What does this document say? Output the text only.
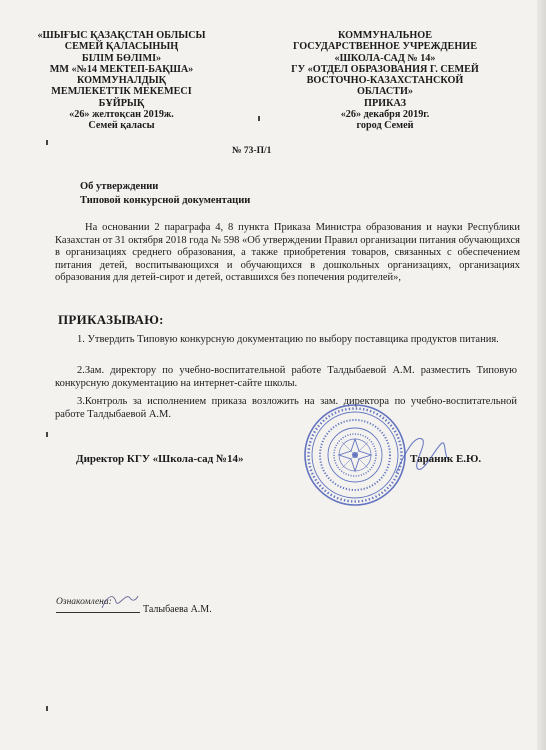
«ШЫҒЫС ҚАЗАҚСТАН ОБЛЫСЫ
СЕМЕЙ ҚАЛАСЫНЫҢ
БІЛІМ БӨЛІМІ»
ММ «№14 МЕКТЕП-БАҚША»
КОММУНАЛДЫҚ
МЕМЛЕКЕТТІК МЕКЕМЕСІ
БҰЙРЫҚ
«26» желтоқсан 2019ж.
Семей қаласы
КОММУНАЛЬНОЕ
ГОСУДАРСТВЕННОЕ УЧРЕЖДЕНИЕ
«ШКОЛА-САД № 14»
ГУ «ОТДЕЛ ОБРАЗОВАНИЯ Г. СЕМЕЙ
ВОСТОЧНО-КАЗАХСТАНСКОЙ
ОБЛАСТИ»
ПРИКАЗ
«26» декабря 2019г.
город Семей
№ 73-П/1
Об утверждении
Типовой конкурсной документации

На основании 2 параграфа 4, 8 пункта Приказа Министра образования и науки Республики Казахстан от 31 октября 2018 года № 598 «Об утверждении Правил организации питания обучающихся в организациях среднего образования, а также приобретения товаров, связанных с обеспечением питания детей, воспитывающихся и обучающихся в дошкольных организациях, организациях образования для детей-сирот и детей, оставшихся без попечения родителей»,

ПРИКАЗЫВАЮ:

1. Утвердить Типовую конкурсную документацию по выбору поставщика продуктов питания.

2.Зам. директору по учебно-воспитательной работе Талдыбаевой А.М. разместить Типовую конкурсную документацию на интернет-сайте школы.

3.Контроль за исполнением приказа возложить на зам. директора по учебно-воспитательной работе Талдыбаевой А.М.

Директор КГУ «Школа-сад №14»	Тараник Е.Ю.
Ознакомлена:
Талыбаева А.М.
